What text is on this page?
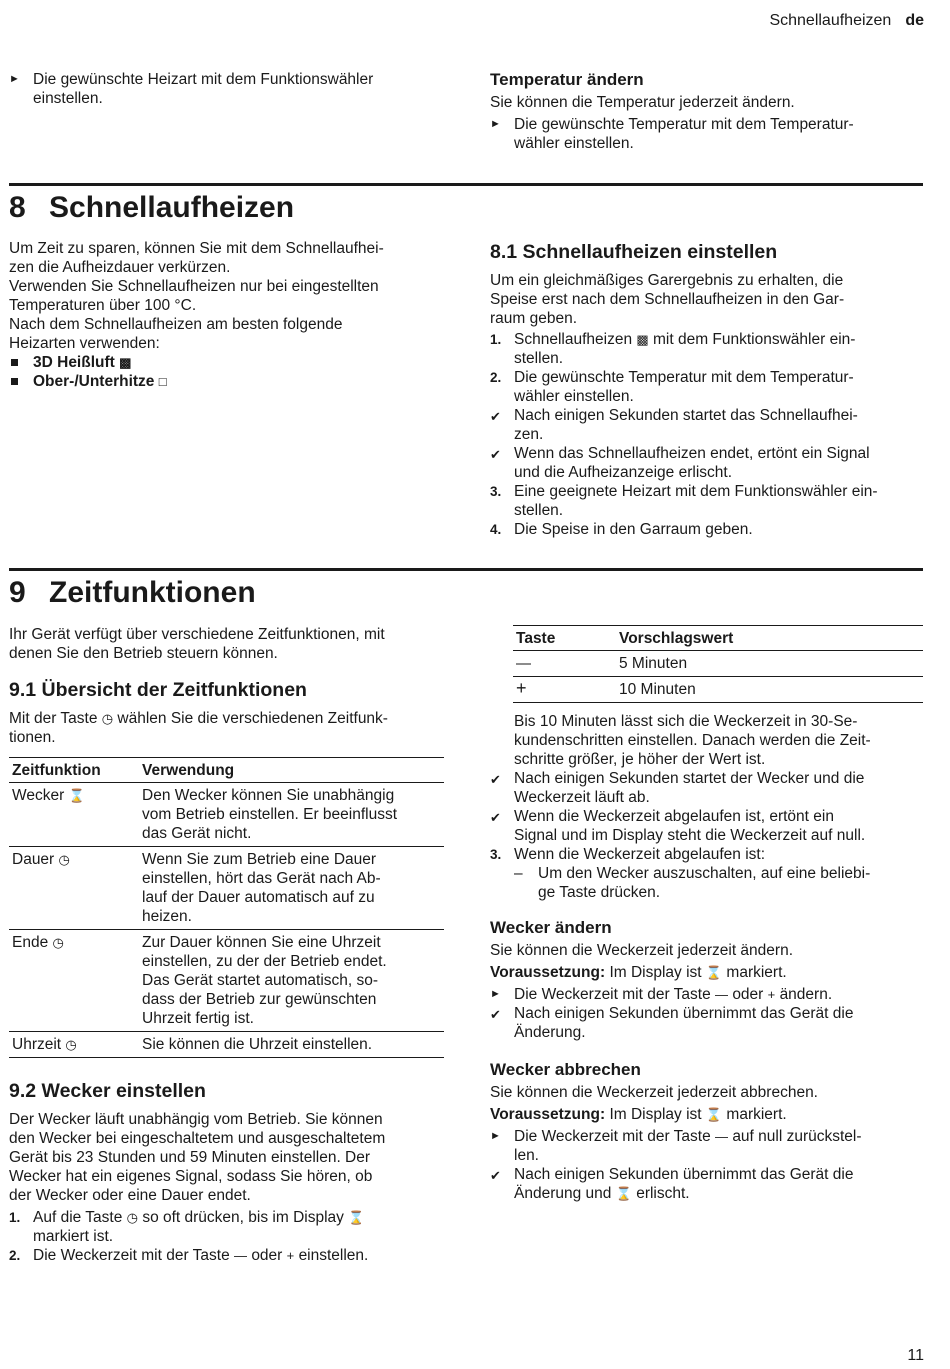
Schnellaufheizen de
► Die gewünschte Heizart mit dem Funktionswähler

einstellen.

Temperatur ändern

Sie können die Temperatur jederzeit ändern.

► Die gewünschte Temperatur mit dem Temperatur-

wähler einstellen.

8 Schnellaufheizen

Um Zeit zu sparen, können Sie mit dem Schnellaufhei-

zen die Aufheizdauer verkürzen.

Verwenden Sie Schnellaufheizen nur bei eingestellten

Temperaturen über 100 °C.

Nach dem Schnellaufheizen am besten folgende

Heizarten verwenden:

3D Heißluft ▩
Ober-/Unterhitze □
8.1 Schnellaufheizen einstellen

Um ein gleichmäßiges Garergebnis zu erhalten, die

Speise erst nach dem Schnellaufheizen in den Gar-

raum geben.

1. Schnellaufheizen ▩ mit dem Funktionswähler ein-

stellen.

2. Die gewünschte Temperatur mit dem Temperatur-

wähler einstellen.

✔ Nach einigen Sekunden startet das Schnellaufhei-

zen.

✔ Wenn das Schnellaufheizen endet, ertönt ein Signal

und die Aufheizanzeige erlischt.

3. Eine geeignete Heizart mit dem Funktionswähler ein-

stellen.

4. Die Speise in den Garraum geben.

9 Zeitfunktionen

Ihr Gerät verfügt über verschiedene Zeitfunktionen, mit

denen Sie den Betrieb steuern können.

9.1 Übersicht der Zeitfunktionen

Mit der Taste ◷ wählen Sie die verschiedenen Zeitfunk-

tionen.

Zeitfunktion	Verwendung
Wecker ⌛	Den Wecker können Sie unabhängig
vom Betrieb einstellen. Er beeinflusst
das Gerät nicht.

Dauer ◷	Wenn Sie zum Betrieb eine Dauer
einstellen, hört das Gerät nach Ab-
lauf der Dauer automatisch auf zu
heizen.

Ende ◷	Zur Dauer können Sie eine Uhrzeit
einstellen, zu der der Betrieb endet.
Das Gerät startet automatisch, so-
dass der Betrieb zur gewünschten
Uhrzeit fertig ist.

Uhrzeit ◷	Sie können die Uhrzeit einstellen.
9.2 Wecker einstellen

Der Wecker läuft unabhängig vom Betrieb. Sie können

den Wecker bei eingeschaltetem und ausgeschaltetem

Gerät bis 23 Stunden und 59 Minuten einstellen. Der

Wecker hat ein eigenes Signal, sodass Sie hören, ob

der Wecker oder eine Dauer endet.

1. Auf die Taste ◷ so oft drücken, bis im Display ⌛

markiert ist.

2. Die Weckerzeit mit der Taste — oder + einstellen.

Taste	Vorschlagswert
—	5 Minuten
+	10 Minuten

Bis 10 Minuten lässt sich die Weckerzeit in 30-Se-

kundenschritten einstellen. Danach werden die Zeit-

schritte größer, je höher der Wert ist.

✔ Nach einigen Sekunden startet der Wecker und die

Weckerzeit läuft ab.

✔ Wenn die Weckerzeit abgelaufen ist, ertönt ein

Signal und im Display steht die Weckerzeit auf null.

3. Wenn die Weckerzeit abgelaufen ist:

– Um den Wecker auszuschalten, auf eine beliebi-

ge Taste drücken.

Wecker ändern

Sie können die Weckerzeit jederzeit ändern.

Voraussetzung: Im Display ist ⌛ markiert.

► Die Weckerzeit mit der Taste — oder + ändern.

✔ Nach einigen Sekunden übernimmt das Gerät die

Änderung.

Wecker abbrechen

Sie können die Weckerzeit jederzeit abbrechen.

Voraussetzung: Im Display ist ⌛ markiert.

► Die Weckerzeit mit der Taste — auf null zurückstel-

len.

✔ Nach einigen Sekunden übernimmt das Gerät die

Änderung und ⌛ erlischt.

11
